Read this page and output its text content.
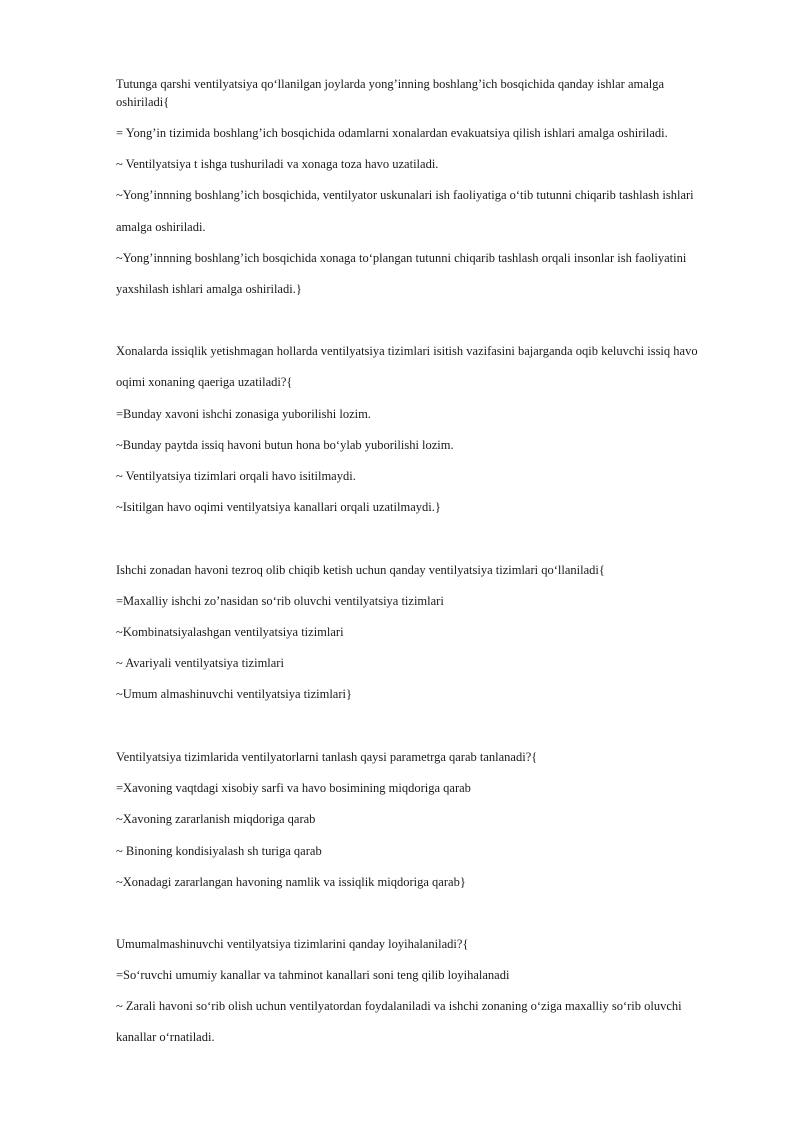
Tutunga qarshi ventilyatsiya qo‘llanilgan joylarda yong’inning boshlang’ich bosqichida qanday ishlar amalga
oshiriladi{
= Yong’in tizimida boshlang’ich bosqichida odamlarni xonalardan evakuatsiya qilish ishlari amalga oshiriladi.
~ Ventilyatsiya t ishga tushuriladi va xonaga toza havo uzatiladi.
~Yong’innning boshlang’ich bosqichida, ventilyator uskunalari ish faoliyatiga o‘tib tutunni chiqarib tashlash ishlari
amalga oshiriladi.
~Yong’innning boshlang’ich bosqichida xonaga to‘plangan tutunni chiqarib tashlash orqali insonlar ish faoliyatini
yaxshilash ishlari amalga oshiriladi.}
Xonalarda issiqlik yetishmagan hollarda ventilyatsiya tizimlari isitish vazifasini bajarganda oqib keluvchi issiq havo
oqimi xonaning qaeriga uzatiladi?{
=Bunday xavoni ishchi zonasiga yuborilishi lozim.
~Bunday paytda issiq havoni butun hona bo‘ylab yuborilishi lozim.
~ Ventilyatsiya tizimlari orqali havo isitilmaydi.
~Isitilgan havo oqimi ventilyatsiya kanallari orqali uzatilmaydi.}
Ishchi zonadan havoni tezroq olib chiqib ketish uchun qanday ventilyatsiya tizimlari qo‘llaniladi{
=Maxalliy ishchi zo’nasidan so‘rib oluvchi ventilyatsiya tizimlari
~Kombinatsiyalashgan ventilyatsiya tizimlari
~ Avariyali ventilyatsiya tizimlari
~Umum almashinuvchi ventilyatsiya tizimlari}
Ventilyatsiya tizimlarida ventilyatorlarni tanlash qaysi parametrga qarab tanlanadi?{
=Xavoning vaqtdagi xisobiy sarfi va havo bosimining miqdoriga qarab
~Xavoning zararlanish miqdoriga qarab
~ Binoning kondisiyalash sh turiga qarab
~Xonadagi zararlangan havoning namlik va issiqlik miqdoriga qarab}
Umumalmashinuvchi ventilyatsiya tizimlarini qanday loyihalaniladi?{
=So‘ruvchi umumiy kanallar va tahminot kanallari soni teng qilib loyihalanadi
~ Zarali havoni so‘rib olish uchun ventilyatordan foydalaniladi va ishchi zonaning o‘ziga maxalliy so‘rib oluvchi
kanallar o‘rnatiladi.
